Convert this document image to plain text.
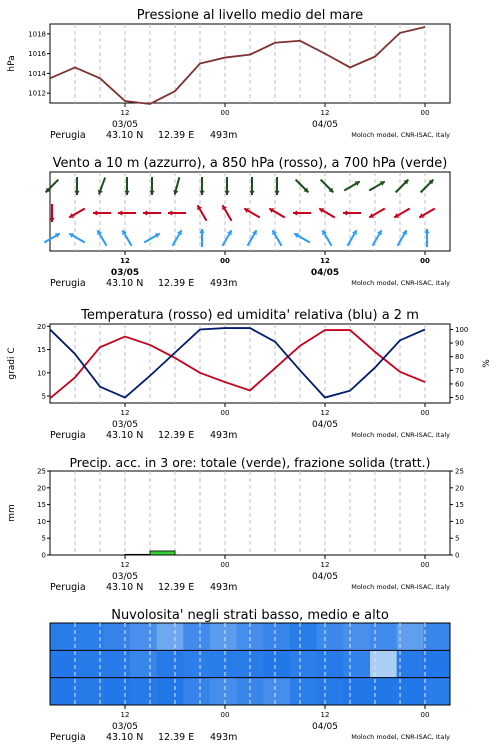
Pressione al livello medio del mare
1012
1014
1016
1018
hPa
12	00	12	00
03/05	04/05
Perugia 43.10 N 12.39 E 493m	Moloch model, CNR-ISAC, Italy
Vento a 10 m (azzurro), a 850 hPa (rosso), a 700 hPa (verde)
12	00	12	00
03/05	04/05
Perugia 43.10 N 12.39 E 493m	Moloch model, CNR-ISAC, Italy
Temperatura (rosso) ed umidita' relativa (blu) a 2 m
5
10
15
20
50
60
70
80
90
100
gradi C	%
12	00	12	00
03/05	04/05
Perugia 43.10 N 12.39 E 493m	Moloch model, CNR-ISAC, Italy
Precip. acc. in 3 ore: totale (verde), frazione solida (tratt.)
0
5
10
15
20
25
0
5
10
15
20
25
mm
12	00	12	00
03/05	04/05
Perugia 43.10 N 12.39 E 493m	Moloch model, CNR-ISAC, Italy
Nuvolosita' negli strati basso, medio e alto
12	00	12	00
03/05	04/05
Perugia 43.10 N 12.39 E 493m	Moloch model, CNR-ISAC, Italy
